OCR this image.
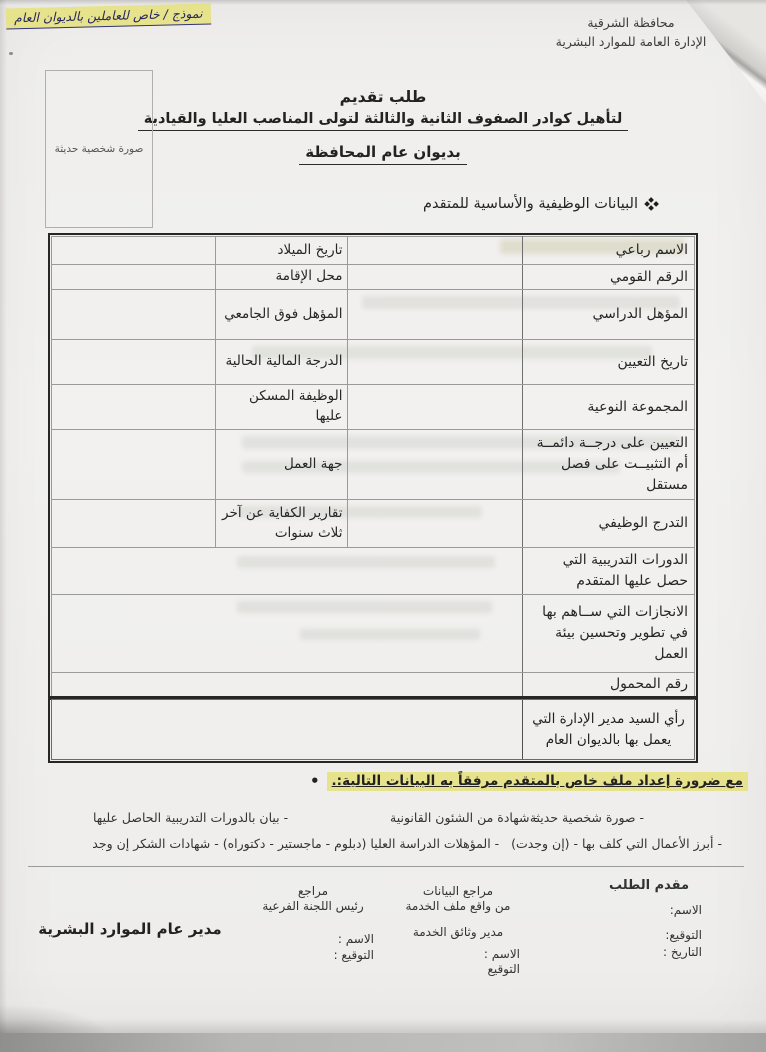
نموذج / خاص للعاملين بالديوان العام	محافظة الشرقية
الإدارة العامة للموارد البشرية
طلب تقديم
لتأهيل كوادر الصفوف الثانية والثالثة لتولى المناصب العليا والقيادية
بديوان عام المحافظة
صورة شخصية حديثة
البيانات الوظيفية والأساسية للمتقدم
الاسم رباعي		تاريخ الميلاد	
الرقم القومي		محل الإقامة	
المؤهل الدراسي		المؤهل فوق الجامعي	
تاريخ التعيين		الدرجة المالية الحالية	
المجموعة النوعية		الوظيفة المسكن عليها	
التعيين على درجــة دائمــة أم التثبيــت على فصل مستقل		جهة العمل	
التدرج الوظيفي		تقارير الكفاية عن آخر ثلاث سنوات	
الدورات التدريبية التي حصل عليها المتقدم			
الانجازات التي ســاهم بها في تطوير وتحسين بيئة العمل			
رقم المحمول			
رأي السيد مدير الإدارة التي يعمل بها بالديوان العام
• مع ضرورة إعداد ملف خاص بالمتقدم مرفقاً به البيانات التالية:.
- صورة شخصية حديثة
- شهادة من الشئون القانونية
- بيان بالدورات التدريبية الحاصل عليها
- أبرز الأعمال التي كلف بها - (إن وجدت)   - المؤهلات الدراسة العليا (دبلوم - ماجستير - دكتوراه) - شهادات الشكر إن وجد
مقدم الطلب
الاسم:
التوقيع:
التاريخ :
مراجع البيانات
من واقع ملف الخدمة
مدير وثائق الخدمة
الاسم :
التوقيع
مراجع
رئيس اللجنة الفرعية
الاسم :
التوقيع :
مدير عام الموارد البشرية
